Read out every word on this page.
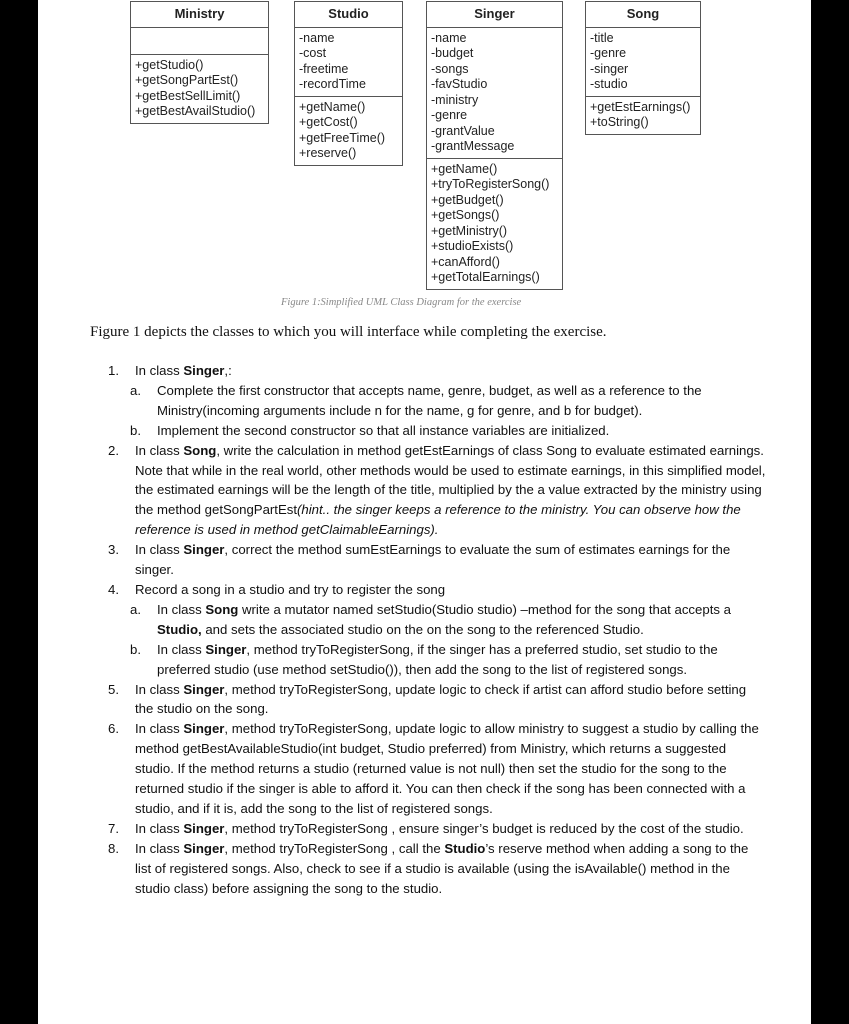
Ministry
+getStudio()
+getSongPartEst()
+getBestSellLimit()
+getBestAvailStudio()
Studio
-name
-cost
-freetime
-recordTime
+getName()
+getCost()
+getFreeTime()
+reserve()
Singer
-name
-budget
-songs
-favStudio
-ministry
-genre
-grantValue
-grantMessage
+getName()
+tryToRegisterSong()
+getBudget()
+getSongs()
+getMinistry()
+studioExists()
+canAfford()
+getTotalEarnings()
Song
-title
-genre
-singer
-studio
+getEstEarnings()
+toString()
Figure 1:Simplified UML Class Diagram for the exercise
Figure 1 depicts the classes to which you will interface while completing the exercise.
1. In class Singer,:
a. Complete the first constructor that accepts name, genre, budget, as well as a reference to the Ministry(incoming arguments include n for the name, g for genre, and b for budget).
b. Implement the second constructor so that all instance variables are initialized.
2. In class Song, write the calculation in method getEstEarnings of class Song to evaluate estimated earnings. Note that while in the real world, other methods would be used to estimate earnings, in this simplified model, the estimated earnings will be the length of the title, multiplied by the a value extracted by the ministry using the method getSongPartEst(hint.. the singer keeps a reference to the ministry. You can observe how the reference is used in method getClaimableEarnings).
3. In class Singer, correct the method sumEstEarnings to evaluate the sum of estimates earnings for the singer.
4. Record a song in a studio and try to register the song
a. In class Song write a mutator named setStudio(Studio studio) –method for the song that accepts a Studio, and sets the associated studio on the on the song to the referenced Studio.
b. In class Singer, method tryToRegisterSong, if the singer has a preferred studio, set studio to the preferred studio (use method setStudio()), then add the song to the list of registered songs.
5. In class Singer, method tryToRegisterSong, update logic to check if artist can afford studio before setting the studio on the song.
6. In class Singer, method tryToRegisterSong, update logic to allow ministry to suggest a studio by calling the method getBestAvailableStudio(int budget, Studio preferred) from Ministry, which returns a suggested studio. If the method returns a studio (returned value is not null) then set the studio for the song to the returned studio if the singer is able to afford it. You can then check if the song has been connected with a studio, and if it is, add the song to the list of registered songs.
7. In class Singer, method tryToRegisterSong , ensure singer’s budget is reduced by the cost of the studio.
8. In class Singer, method tryToRegisterSong , call the Studio’s reserve method when adding a song to the list of registered songs. Also, check to see if a studio is available (using the isAvailable() method in the studio class) before assigning the song to the studio.
